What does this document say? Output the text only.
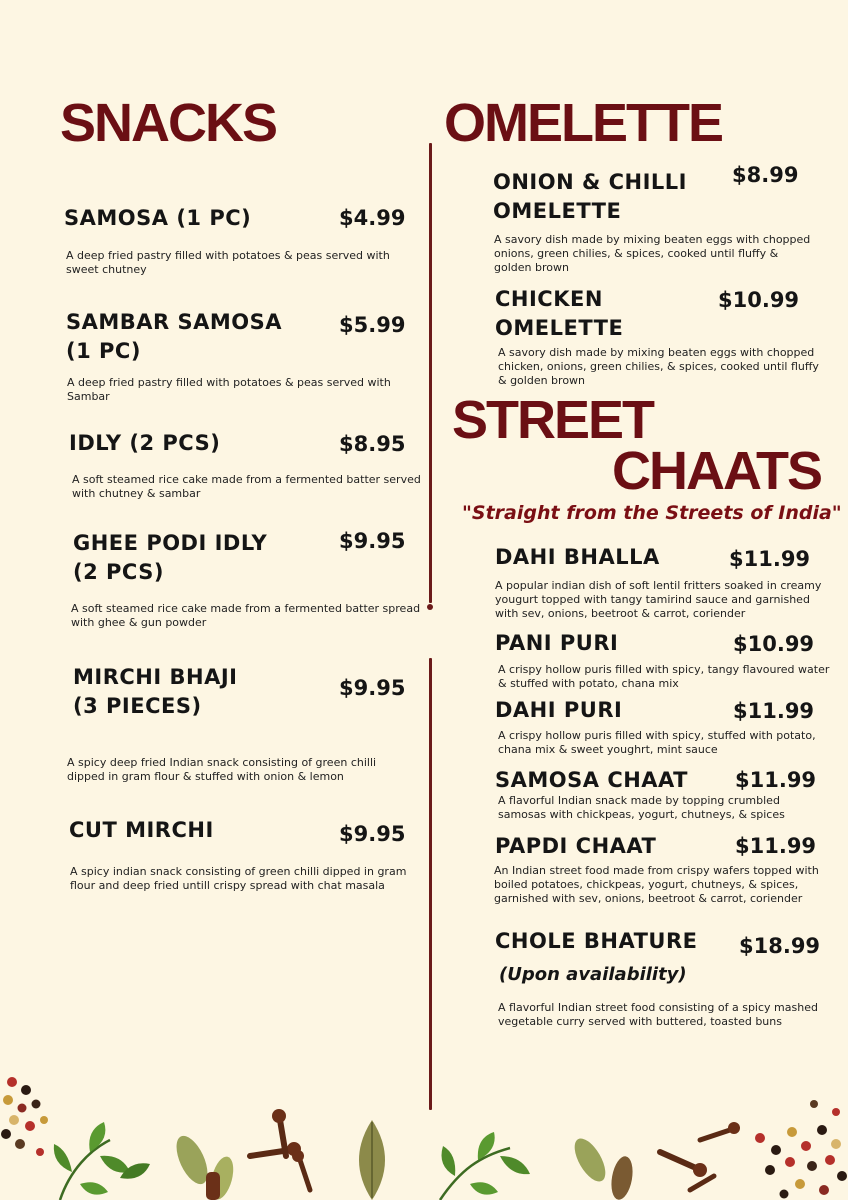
SNACKS
SAMOSA (1 PC)	$4.99
A deep fried pastry filled with potatoes & peas served with sweet chutney
SAMBAR SAMOSA
(1 PC)
$5.99
A deep fried pastry filled with potatoes & peas served with Sambar
IDLY (2 PCS)	$8.95
A soft steamed rice cake made from a fermented batter served with chutney & sambar
GHEE PODI IDLY
(2 PCS)
$9.95
A soft steamed rice cake made from a fermented batter spread with ghee & gun powder
MIRCHI BHAJI
(3 PIECES)
$9.95
A spicy deep fried Indian snack consisting of green chilli dipped in gram flour & stuffed with onion & lemon
CUT MIRCHI	$9.95
A spicy indian snack consisting of green chilli dipped in gram flour and deep fried untill crispy spread with chat masala
OMELETTE
ONION & CHILLI
OMELETTE
$8.99
A savory dish made by mixing beaten eggs with chopped onions, green chilies, & spices, cooked until fluffy & golden brown
CHICKEN
OMELETTE
$10.99
A savory dish made by mixing beaten eggs with chopped chicken, onions, green chilies, & spices, cooked until fluffy & golden brown
STREET
CHAATS
"Straight from the Streets of India"
DAHI BHALLA	$11.99
A popular indian dish of soft lentil fritters soaked in creamy yougurt topped with tangy tamirind sauce and garnished with sev, onions, beetroot & carrot, coriender
PANI PURI	$10.99
A crispy hollow puris filled with spicy, tangy flavoured water & stuffed with potato, chana mix
DAHI PURI	$11.99
A crispy hollow puris filled with spicy, stuffed with potato, chana mix & sweet youghrt, mint sauce
SAMOSA CHAAT $11.99
A flavorful Indian snack made by topping crumbled samosas with chickpeas, yogurt, chutneys, & spices
PAPDI CHAAT	$11.99
An Indian street food made from crispy wafers topped with boiled potatoes, chickpeas, yogurt, chutneys, & spices, garnished with sev, onions, beetroot & carrot, coriender
CHOLE BHATURE $18.99
(Upon availability)
A flavorful Indian street food consisting of a spicy mashed vegetable curry served with buttered, toasted buns
